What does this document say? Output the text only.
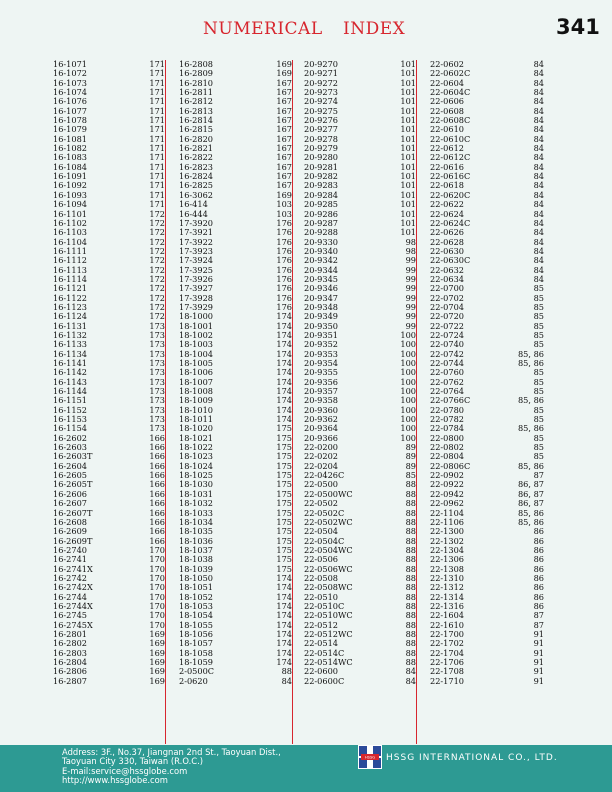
NUMERICAL INDEX	341
16-1071	171
16-1072	171
16-1073	171
16-1074	171
16-1076	171
16-1077	171
16-1078	171
16-1079	171
16-1081	171
16-1082	171
16-1083	171
16-1084	171
16-1091	171
16-1092	171
16-1093	171
16-1094	171
16-1101	172
16-1102	172
16-1103	172
16-1104	172
16-1111	172
16-1112	172
16-1113	172
16-1114	172
16-1121	172
16-1122	172
16-1123	172
16-1124	172
16-1131	173
16-1132	173
16-1133	173
16-1134	173
16-1141	173
16-1142	173
16-1143	173
16-1144	173
16-1151	173
16-1152	173
16-1153	173
16-1154	173
16-2602	166
16-2603	166
16-2603T	166
16-2604	166
16-2605	166
16-2605T	166
16-2606	166
16-2607	166
16-2607T	166
16-2608	166
16-2609	166
16-2609T	166
16-2740	170
16-2741	170
16-2741X	170
16-2742	170
16-2742X	170
16-2744	170
16-2744X	170
16-2745	170
16-2745X	170
16-2801	169
16-2802	169
16-2803	169
16-2804	169
16-2806	169
16-2807	169
16-2808	169
16-2809	169
16-2810	167
16-2811	167
16-2812	167
16-2813	167
16-2814	167
16-2815	167
16-2820	167
16-2821	167
16-2822	167
16-2823	167
16-2824	167
16-2825	167
16-3062	169
16-414	103
16-444	103
17-3920	176
17-3921	176
17-3922	176
17-3923	176
17-3924	176
17-3925	176
17-3926	176
17-3927	176
17-3928	176
17-3929	176
18-1000	174
18-1001	174
18-1002	174
18-1003	174
18-1004	174
18-1005	174
18-1006	174
18-1007	174
18-1008	174
18-1009	174
18-1010	174
18-1011	174
18-1020	175
18-1021	175
18-1022	175
18-1023	175
18-1024	175
18-1025	175
18-1030	175
18-1031	175
18-1032	175
18-1033	175
18-1034	175
18-1035	175
18-1036	175
18-1037	175
18-1038	175
18-1039	175
18-1050	174
18-1051	174
18-1052	174
18-1053	174
18-1054	174
18-1055	174
18-1056	174
18-1057	174
18-1058	174
18-1059	174
2-0500C	88
2-0620	84
20-9270	101
20-9271	101
20-9272	101
20-9273	101
20-9274	101
20-9275	101
20-9276	101
20-9277	101
20-9278	101
20-9279	101
20-9280	101
20-9281	101
20-9282	101
20-9283	101
20-9284	101
20-9285	101
20-9286	101
20-9287	101
20-9288	101
20-9330	98
20-9340	98
20-9342	99
20-9344	99
20-9345	99
20-9346	99
20-9347	99
20-9348	99
20-9349	99
20-9350	99
20-9351	100
20-9352	100
20-9353	100
20-9354	100
20-9355	100
20-9356	100
20-9357	100
20-9358	100
20-9360	100
20-9362	100
20-9364	100
20-9366	100
22-0200	89
22-0202	89
22-0204	89
22-0426C	85
22-0500	88
22-0500WC	88
22-0502	88
22-0502C	88
22-0502WC	88
22-0504	88
22-0504C	88
22-0504WC	88
22-0506	88
22-0506WC	88
22-0508	88
22-0508WC	88
22-0510	88
22-0510C	88
22-0510WC	88
22-0512	88
22-0512WC	88
22-0514	88
22-0514C	88
22-0514WC	88
22-0600	84
22-0600C	84
22-0602	84
22-0602C	84
22-0604	84
22-0604C	84
22-0606	84
22-0608	84
22-0608C	84
22-0610	84
22-0610C	84
22-0612	84
22-0612C	84
22-0616	84
22-0616C	84
22-0618	84
22-0620C	84
22-0622	84
22-0624	84
22-0624C	84
22-0626	84
22-0628	84
22-0630	84
22-0630C	84
22-0632	84
22-0634	84
22-0700	85
22-0702	85
22-0704	85
22-0720	85
22-0722	85
22-0724	85
22-0740	85
22-0742	85, 86
22-0744	85, 86
22-0760	85
22-0762	85
22-0764	85
22-0766C	85, 86
22-0780	85
22-0782	85
22-0784	85, 86
22-0800	85
22-0802	85
22-0804	85
22-0806C	85, 86
22-0902	87
22-0922	86, 87
22-0942	86, 87
22-0962	86, 87
22-1104	85, 86
22-1106	85, 86
22-1300	86
22-1302	86
22-1304	86
22-1306	86
22-1308	86
22-1310	86
22-1312	86
22-1314	86
22-1316	86
22-1604	87
22-1610	87
22-1700	91
22-1702	91
22-1704	91
22-1706	91
22-1708	91
22-1710	91
Address: 3F., No.37, Jiangnan 2nd St., Taoyuan Dist.,
Taoyuan City 330, Taiwan (R.O.C.)
E-mail:service@hssglobe.com
http://www.hssglobe.com
HSSG HSSG INTERNATIONAL CO., LTD.
